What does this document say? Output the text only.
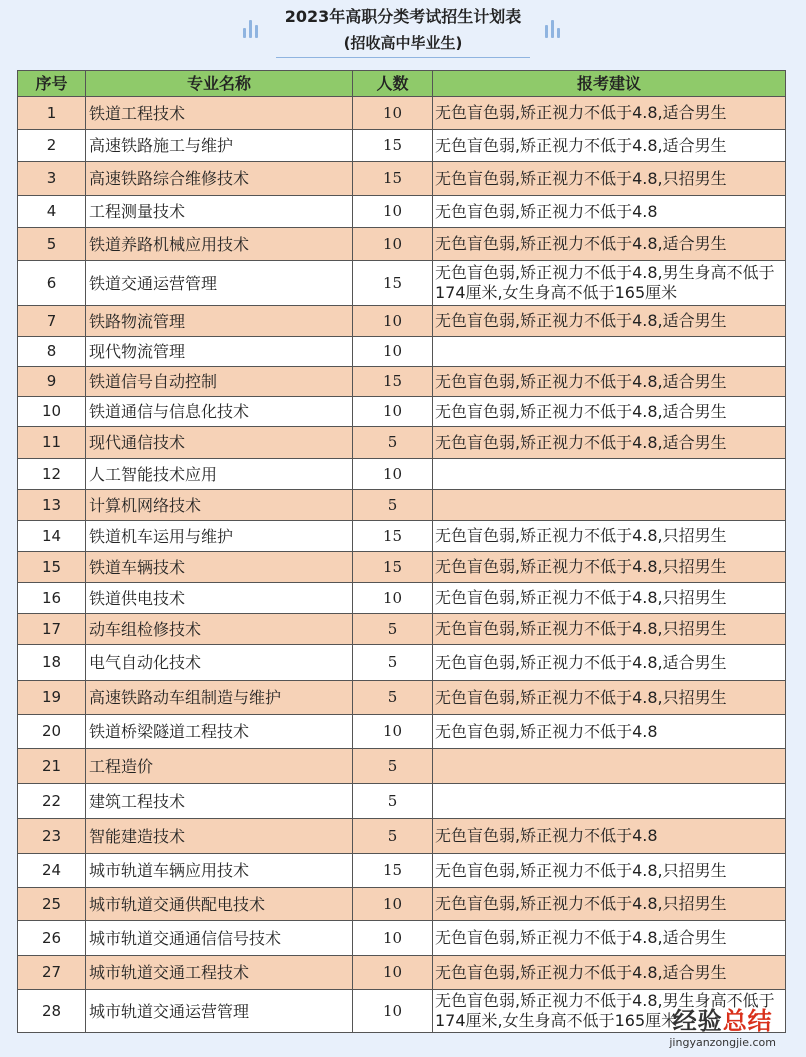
2023年高职分类考试招生计划表
(招收高中毕业生)
序号	专业名称	人数	报考建议
1	铁道工程技术	10	无色盲色弱,矫正视力不低于4.8,适合男生
2	高速铁路施工与维护	15	无色盲色弱,矫正视力不低于4.8,适合男生
3	高速铁路综合维修技术	15	无色盲色弱,矫正视力不低于4.8,只招男生
4	工程测量技术	10	无色盲色弱,矫正视力不低于4.8
5	铁道养路机械应用技术	10	无色盲色弱,矫正视力不低于4.8,适合男生
6	铁道交通运营管理	15	无色盲色弱,矫正视力不低于4.8,男生身高不低于174厘米,女生身高不低于165厘米
7	铁路物流管理	10	无色盲色弱,矫正视力不低于4.8,适合男生
8	现代物流管理	10	
9	铁道信号自动控制	15	无色盲色弱,矫正视力不低于4.8,适合男生
10	铁道通信与信息化技术	10	无色盲色弱,矫正视力不低于4.8,适合男生
11	现代通信技术	5	无色盲色弱,矫正视力不低于4.8,适合男生
12	人工智能技术应用	10	
13	计算机网络技术	5	
14	铁道机车运用与维护	15	无色盲色弱,矫正视力不低于4.8,只招男生
15	铁道车辆技术	15	无色盲色弱,矫正视力不低于4.8,只招男生
16	铁道供电技术	10	无色盲色弱,矫正视力不低于4.8,只招男生
17	动车组检修技术	5	无色盲色弱,矫正视力不低于4.8,只招男生
18	电气自动化技术	5	无色盲色弱,矫正视力不低于4.8,适合男生
19	高速铁路动车组制造与维护	5	无色盲色弱,矫正视力不低于4.8,只招男生
20	铁道桥梁隧道工程技术	10	无色盲色弱,矫正视力不低于4.8
21	工程造价	5	
22	建筑工程技术	5	
23	智能建造技术	5	无色盲色弱,矫正视力不低于4.8
24	城市轨道车辆应用技术	15	无色盲色弱,矫正视力不低于4.8,只招男生
25	城市轨道交通供配电技术	10	无色盲色弱,矫正视力不低于4.8,只招男生
26	城市轨道交通通信信号技术	10	无色盲色弱,矫正视力不低于4.8,适合男生
27	城市轨道交通工程技术	10	无色盲色弱,矫正视力不低于4.8,适合男生
28	城市轨道交通运营管理	10	无色盲色弱,矫正视力不低于4.8,男生身高不低于174厘米,女生身高不低于165厘米
经验总结
jingyanzongjie.com
